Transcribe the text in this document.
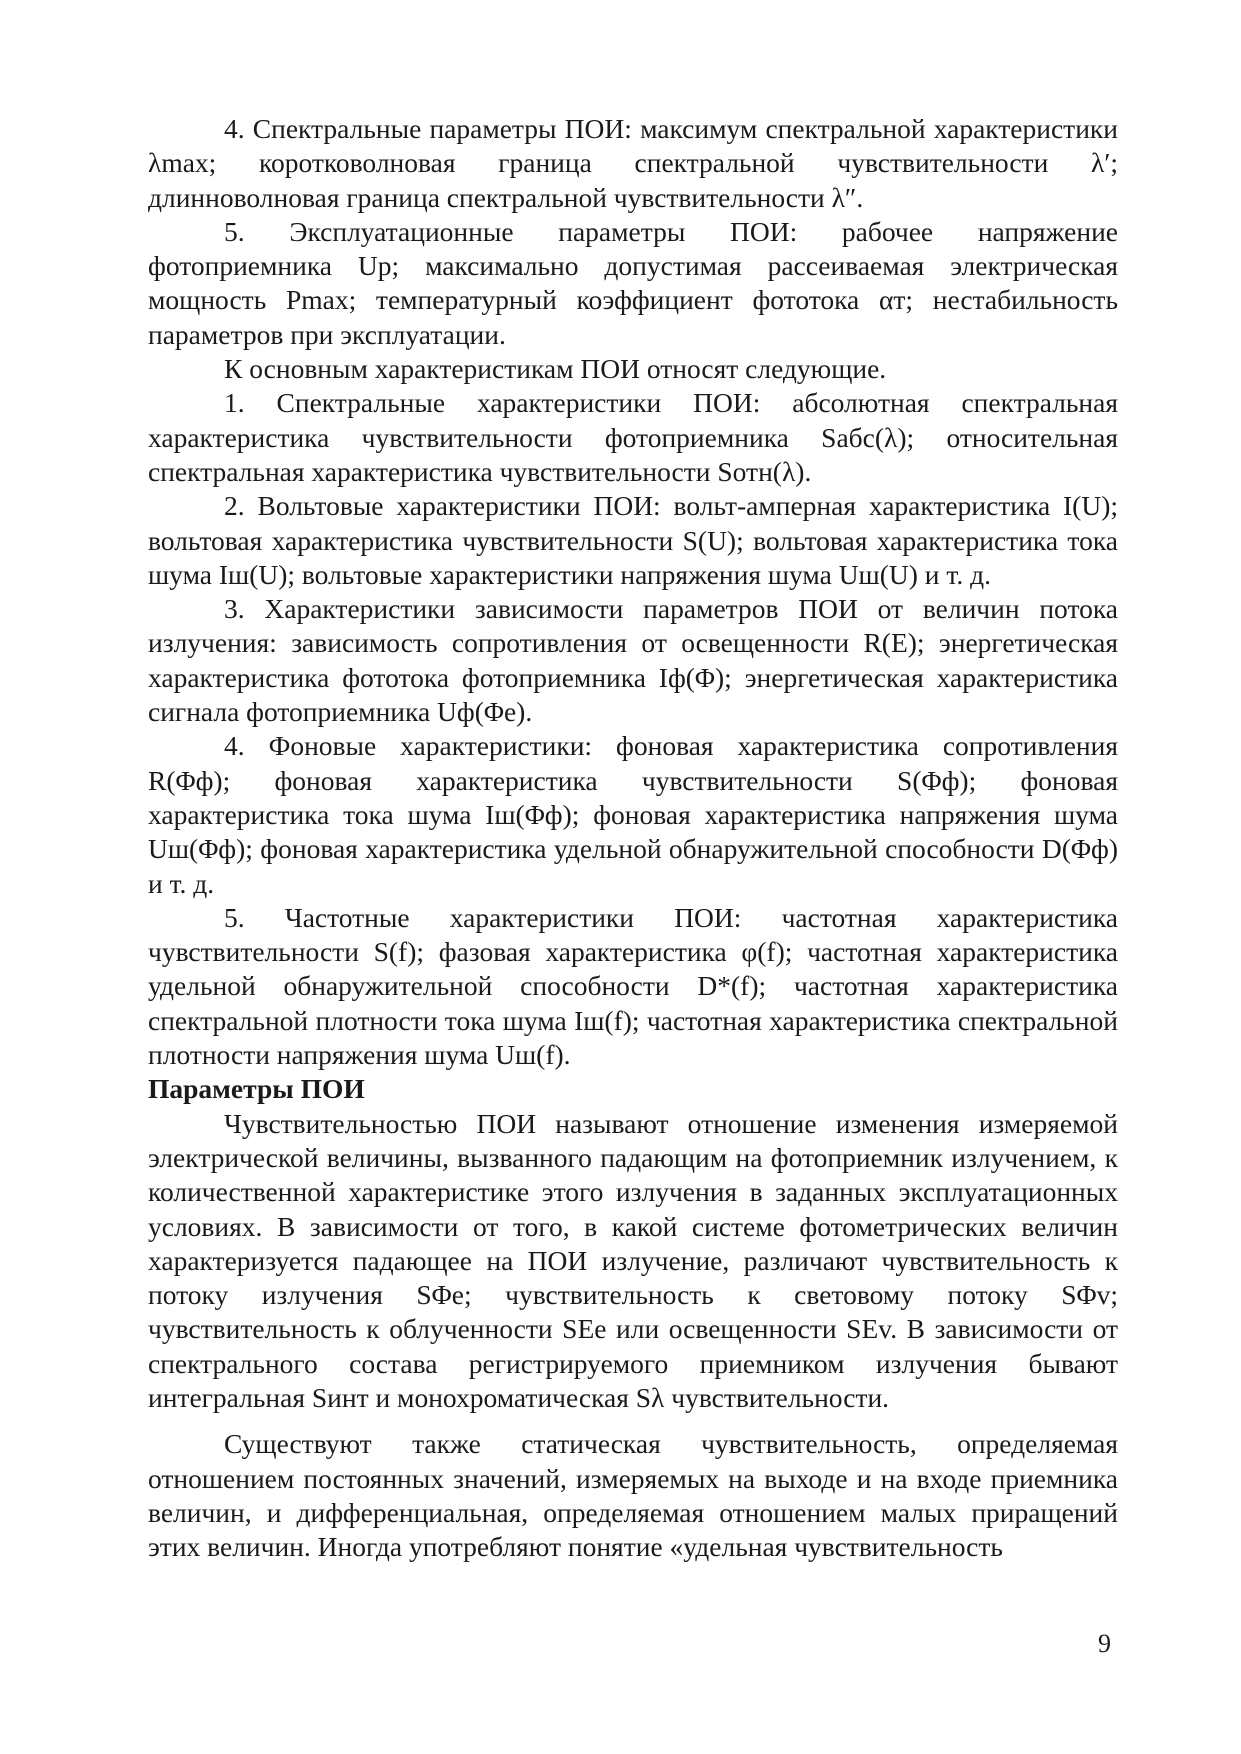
4. Спектральные параметры ПОИ: максимум спектральной характеристики λmax; коротковолновая граница спектральной чувствительности λ′; длинноволновая граница спектральной чувствительности λ″.

5. Эксплуатационные параметры ПОИ: рабочее напряжение фотоприемника Uр; максимально допустимая рассеиваемая электрическая мощность Pmax; температурный коэффициент фототока αт; нестабильность параметров при эксплуатации.

К основным характеристикам ПОИ относят следующие.

1. Спектральные характеристики ПОИ: абсолютная спектральная характеристика чувствительности фотоприемника Sабс(λ); относительная спектральная характеристика чувствительности Sотн(λ).

2. Вольтовые характеристики ПОИ: вольт-амперная характеристика I(U); вольтовая характеристика чувствительности S(U); вольтовая характеристика тока шума Iш(U); вольтовые характеристики напряжения шума Uш(U) и т. д.

3. Характеристики зависимости параметров ПОИ от величин потока излучения: зависимость сопротивления от освещенности R(E); энергетическая характеристика фототока фотоприемника Iф(Φ); энергетическая характеристика сигнала фотоприемника Uф(Φe).

4. Фоновые характеристики: фоновая характеристика сопротивления R(Φф); фоновая характеристика чувствительности S(Φф); фоновая характеристика тока шума Iш(Φф); фоновая характеристика напряжения шума Uш(Φф); фоновая характеристика удельной обнаружительной способности D(Φф) и т. д.

5. Частотные характеристики ПОИ: частотная характеристика чувствительности S(f); фазовая характеристика φ(f); частотная характеристика удельной обнаружительной способности D*(f); частотная характеристика спектральной плотности тока шума Iш(f); частотная характеристика спектральной плотности напряжения шума Uш(f).

Параметры ПОИ

Чувствительностью ПОИ называют отношение изменения измеряемой электрической величины, вызванного падающим на фотоприемник излучением, к количественной характеристике этого излучения в заданных эксплуатационных условиях. В зависимости от того, в какой системе фотометрических величин характеризуется падающее на ПОИ излучение, различают чувствительность к потоку излучения SΦe; чувствительность к световому потоку SΦv; чувствительность к облученности SEe или освещенности SEv. В зависимости от спектрального состава регистрируемого приемником излучения бывают интегральная Sинт и монохроматическая Sλ чувствительности.

Существуют также статическая чувствительность, определяемая отношением постоянных значений, измеряемых на выходе и на входе приемника величин, и дифференциальная, определяемая отношением малых приращений этих величин. Иногда употребляют понятие «удельная чувствительность

9
